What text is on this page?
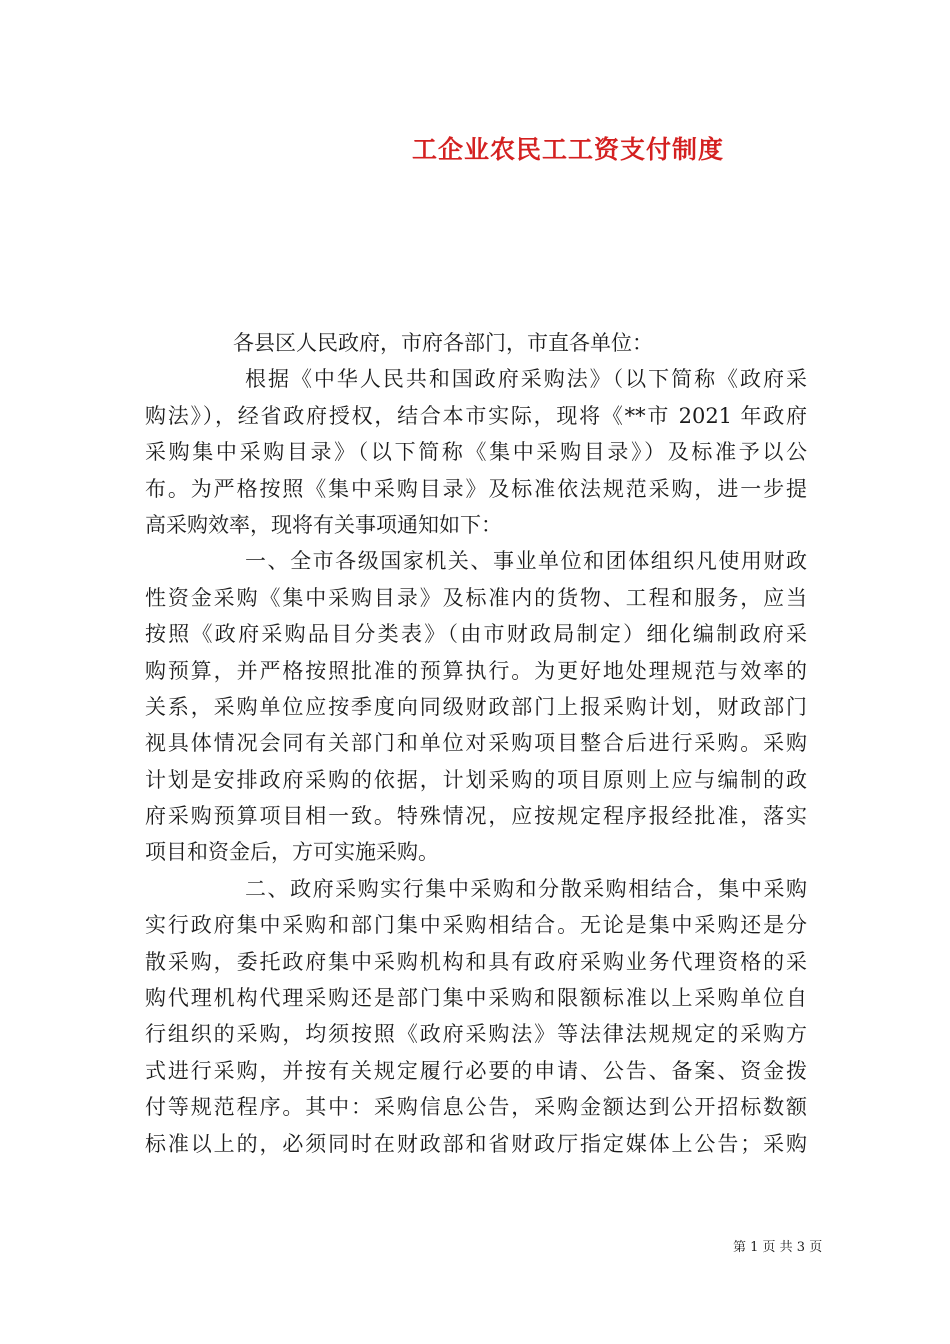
工企业农民工工资支付制度
各县区人民政府，市府各部门，市直各单位：
根据《中华人民共和国政府采购法》（以下简称《政府采
购法》），经省政府授权，结合本市实际，现将《**市 2021 年政府
采购集中采购目录》（以下简称《集中采购目录》）及标准予以公
布。为严格按照《集中采购目录》及标准依法规范采购，进一步提
高采购效率，现将有关事项通知如下：
一、全市各级国家机关、事业单位和团体组织凡使用财政
性资金采购《集中采购目录》及标准内的货物、工程和服务，应当
按照《政府采购品目分类表》（由市财政局制定）细化编制政府采
购预算，并严格按照批准的预算执行。为更好地处理规范与效率的
关系，采购单位应按季度向同级财政部门上报采购计划，财政部门
视具体情况会同有关部门和单位对采购项目整合后进行采购。采购
计划是安排政府采购的依据，计划采购的项目原则上应与编制的政
府采购预算项目相一致。特殊情况，应按规定程序报经批准，落实
项目和资金后，方可实施采购。
二、政府采购实行集中采购和分散采购相结合，集中采购
实行政府集中采购和部门集中采购相结合。无论是集中采购还是分
散采购，委托政府集中采购机构和具有政府采购业务代理资格的采
购代理机构代理采购还是部门集中采购和限额标准以上采购单位自
行组织的采购，均须按照《政府采购法》等法律法规规定的采购方
式进行采购，并按有关规定履行必要的申请、公告、备案、资金拨
付等规范程序。其中：采购信息公告，采购金额达到公开招标数额
标准以上的，必须同时在财政部和省财政厅指定媒体上公告；采购
第 1 页 共 3 页
